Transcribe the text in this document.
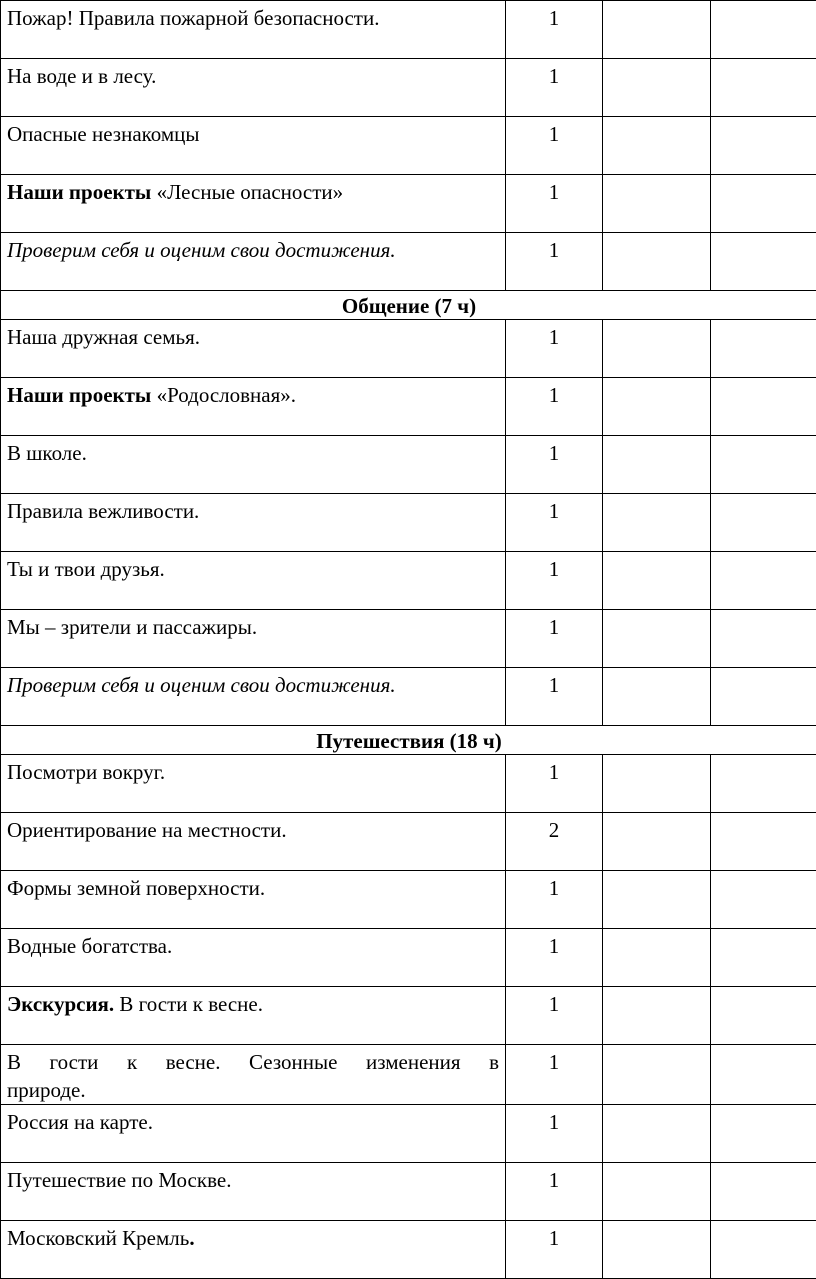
Пожар! Правила пожарной безопасности.	1		
На воде и в лесу.	1		
Опасные незнакомцы	1		
Наши проекты «Лесные опасности»	1		
Проверим себя и оценим свои достижения.	1		
Общение (7 ч)			
Наша дружная семья.	1		
Наши проекты «Родословная».	1		
В школе.	1		
Правила вежливости.	1		
Ты и твои друзья.	1		
Мы – зрители и пассажиры.	1		
Проверим себя и оценим свои достижения.	1		
Путешествия (18 ч)			
Посмотри вокруг.	1		
Ориентирование на местности.	2		
Формы земной поверхности.	1		
Водные богатства.	1		
Экскурсия. В гости к весне.	1		

В гости к весне. Сезонные изменения в
природе.	1		
Россия на карте.	1		
Путешествие по Москве.	1		
Московский Кремль.	1		
